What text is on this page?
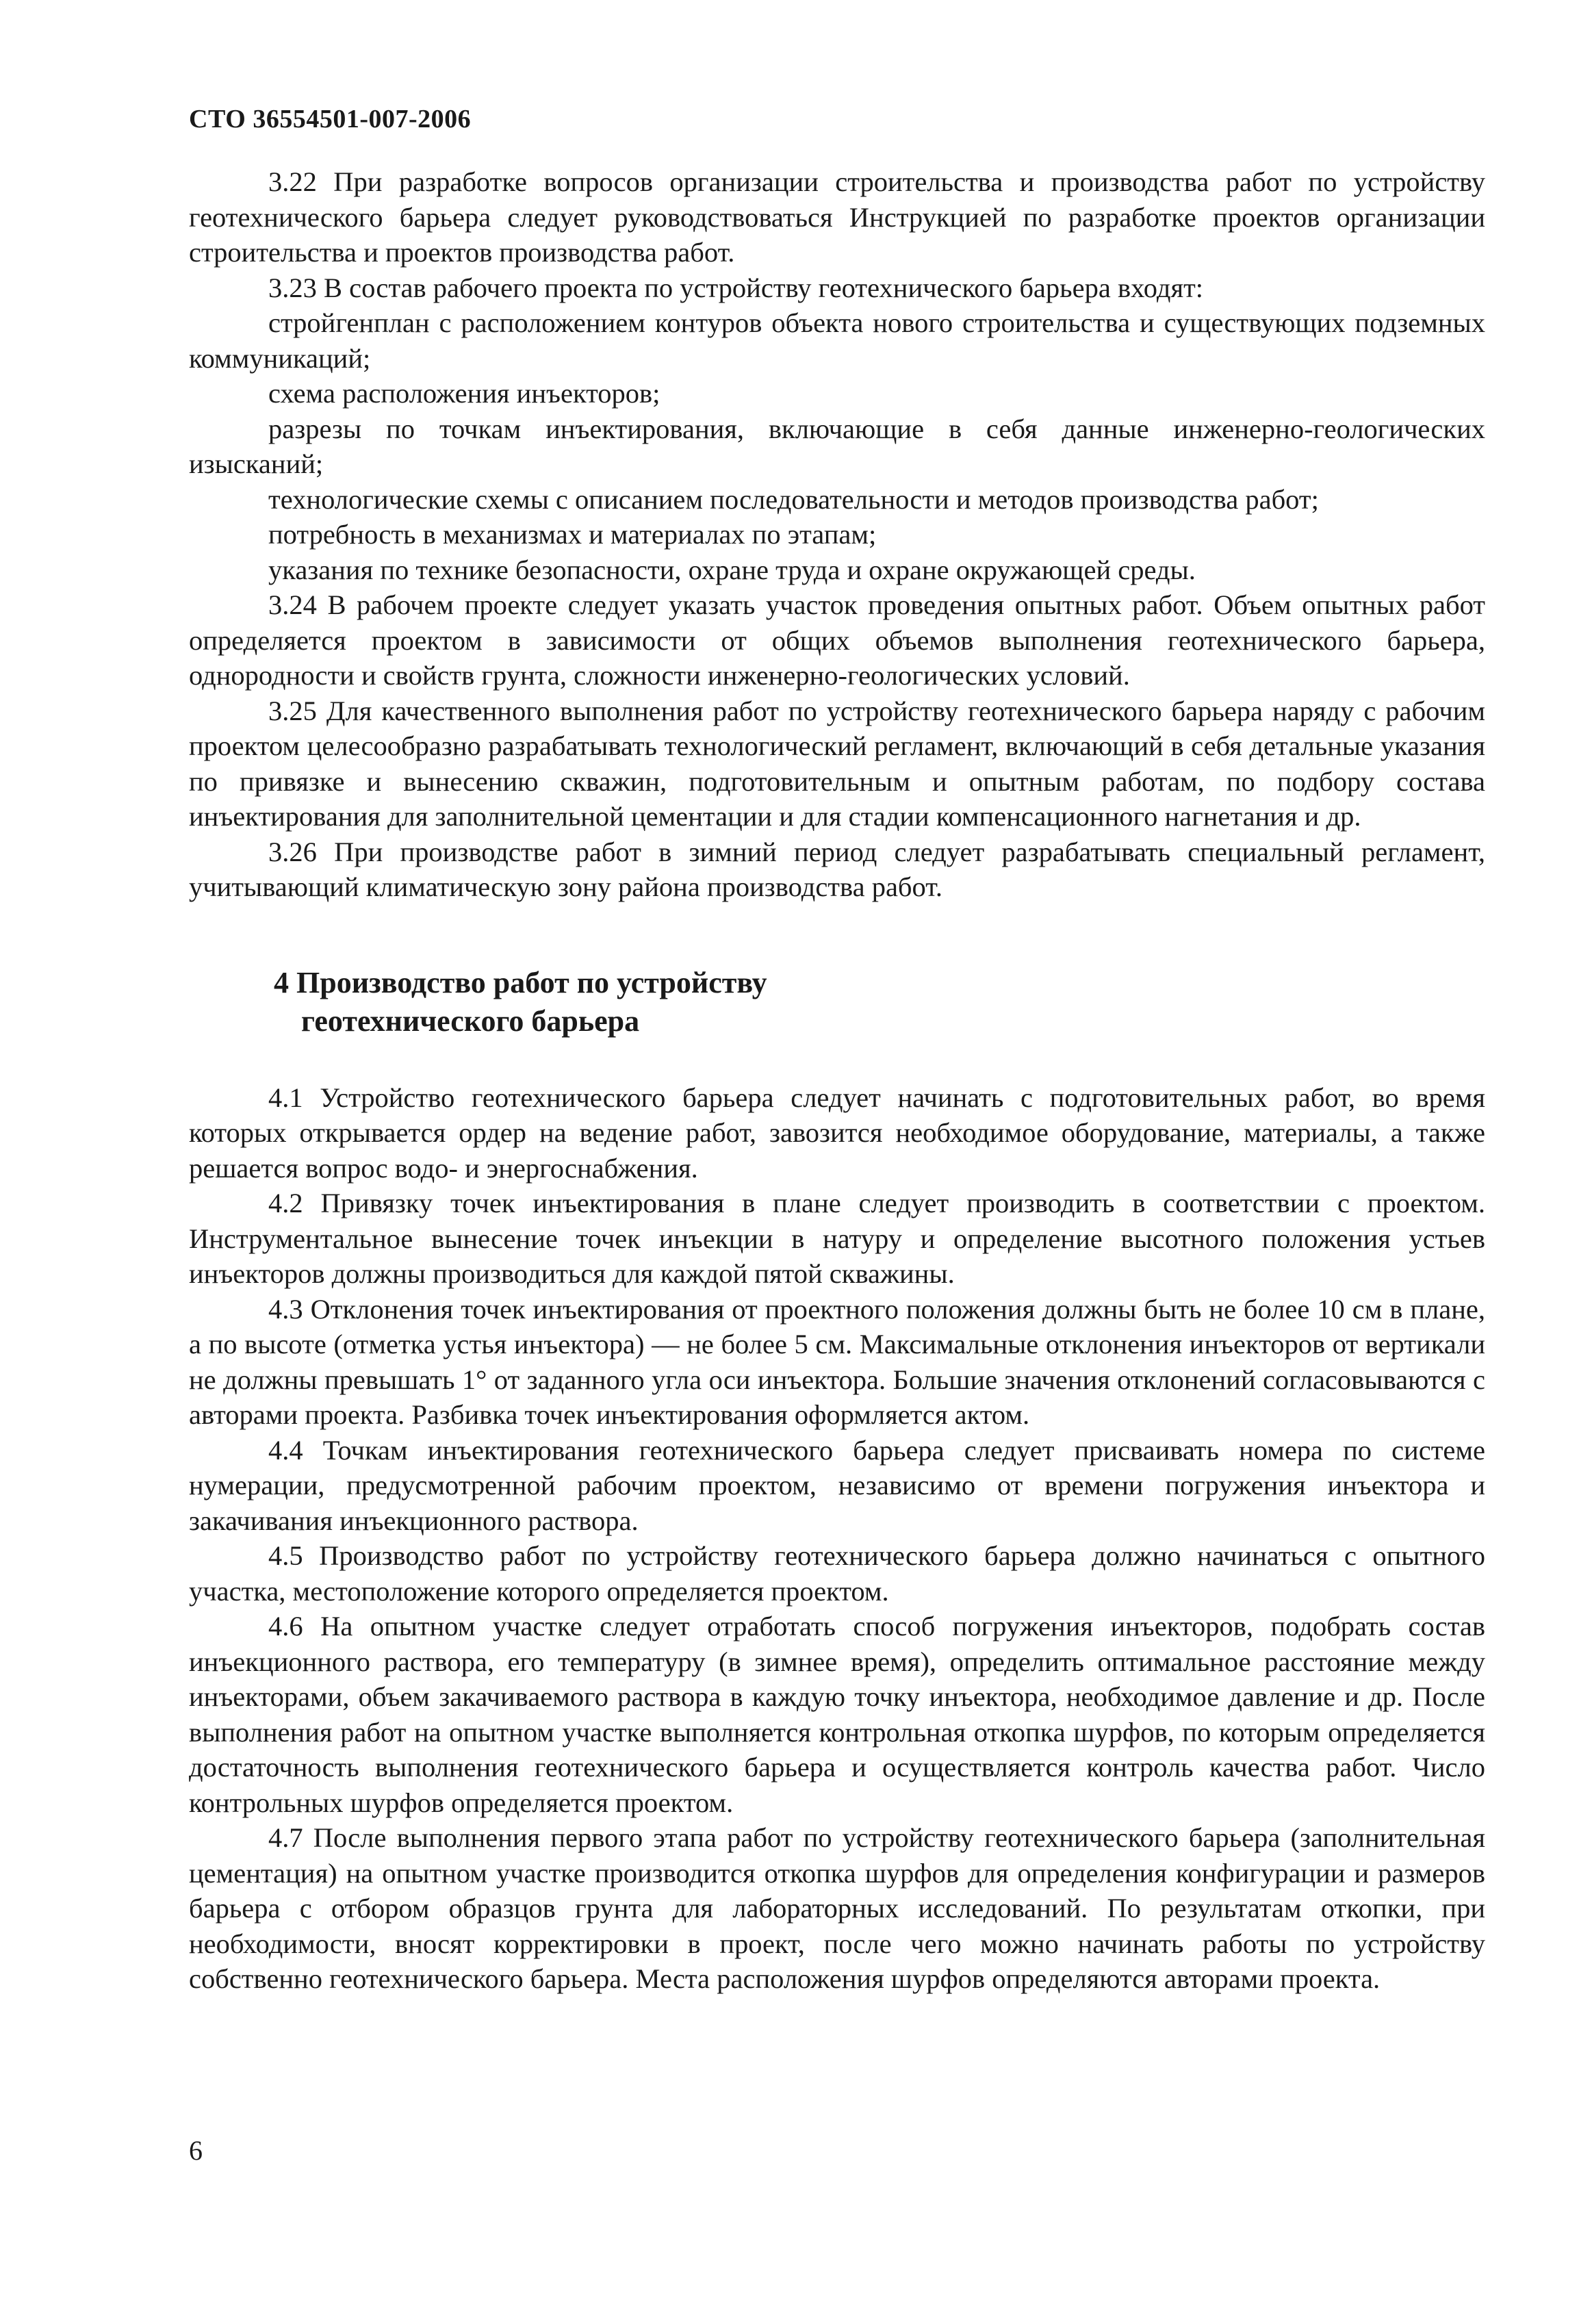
СТО 36554501-007-2006

3.22 При разработке вопросов организации строительства и производства работ по устройству геотехнического барьера следует руководствоваться Инструкцией по разработке проектов организации строительства и проектов производства работ.

3.23 В состав рабочего проекта по устройству геотехнического барьера входят:

стройгенплан с расположением контуров объекта нового строительства и существующих подземных коммуникаций;

схема расположения инъекторов;

разрезы по точкам инъектирования, включающие в себя данные инженерно-геологических изысканий;

технологические схемы с описанием последовательности и методов производства работ;

потребность в механизмах и материалах по этапам;

указания по технике безопасности, охране труда и охране окружающей среды.

3.24 В рабочем проекте следует указать участок проведения опытных работ. Объем опытных работ определяется проектом в зависимости от общих объемов выполнения геотехнического барьера, однородности и свойств грунта, сложности инженерно-геологических условий.

3.25 Для качественного выполнения работ по устройству геотехнического барьера наряду с рабочим проектом целесообразно разрабатывать технологический регламент, включающий в себя детальные указания по привязке и вынесению скважин, подготовительным и опытным работам, по подбору состава инъектирования для заполнительной цементации и для стадии компенсационного нагнетания и др.

3.26 При производстве работ в зимний период следует разрабатывать специальный регламент, учитывающий климатическую зону района производства работ.

4 Производство работ по устройству
геотехнического барьера

4.1 Устройство геотехнического барьера следует начинать с подготовительных работ, во время которых открывается ордер на ведение работ, завозится необходимое оборудование, материалы, а также решается вопрос водо- и энергоснабжения.

4.2 Привязку точек инъектирования в плане следует производить в соответствии с проектом. Инструментальное вынесение точек инъекции в натуру и определение высотного положения устьев инъекторов должны производиться для каждой пятой скважины.

4.3 Отклонения точек инъектирования от проектного положения должны быть не более 10 см в плане, а по высоте (отметка устья инъектора) — не более 5 см. Максимальные отклонения инъекторов от вертикали не должны превышать 1° от заданного угла оси инъектора. Большие значения отклонений согласовываются с авторами проекта. Разбивка точек инъектирования оформляется актом.

4.4 Точкам инъектирования геотехнического барьера следует присваивать номера по системе нумерации, предусмотренной рабочим проектом, независимо от времени погружения инъектора и закачивания инъекционного раствора.

4.5 Производство работ по устройству геотехнического барьера должно начинаться с опытного участка, местоположение которого определяется проектом.

4.6 На опытном участке следует отработать способ погружения инъекторов, подобрать состав инъекционного раствора, его температуру (в зимнее время), определить оптимальное расстояние между инъекторами, объем закачиваемого раствора в каждую точку инъектора, необходимое давление и др. После выполнения работ на опытном участке выполняется контрольная откопка шурфов, по которым определяется достаточность выполнения геотехнического барьера и осуществляется контроль качества работ. Число контрольных шурфов определяется проектом.

4.7 После выполнения первого этапа работ по устройству геотехнического барьера (заполнительная цементация) на опытном участке производится откопка шурфов для определения конфигурации и размеров барьера с отбором образцов грунта для лабораторных исследований. По результатам откопки, при необходимости, вносят корректировки в проект, после чего можно начинать работы по устройству собственно геотехнического барьера. Места расположения шурфов определяются авторами проекта.

6
